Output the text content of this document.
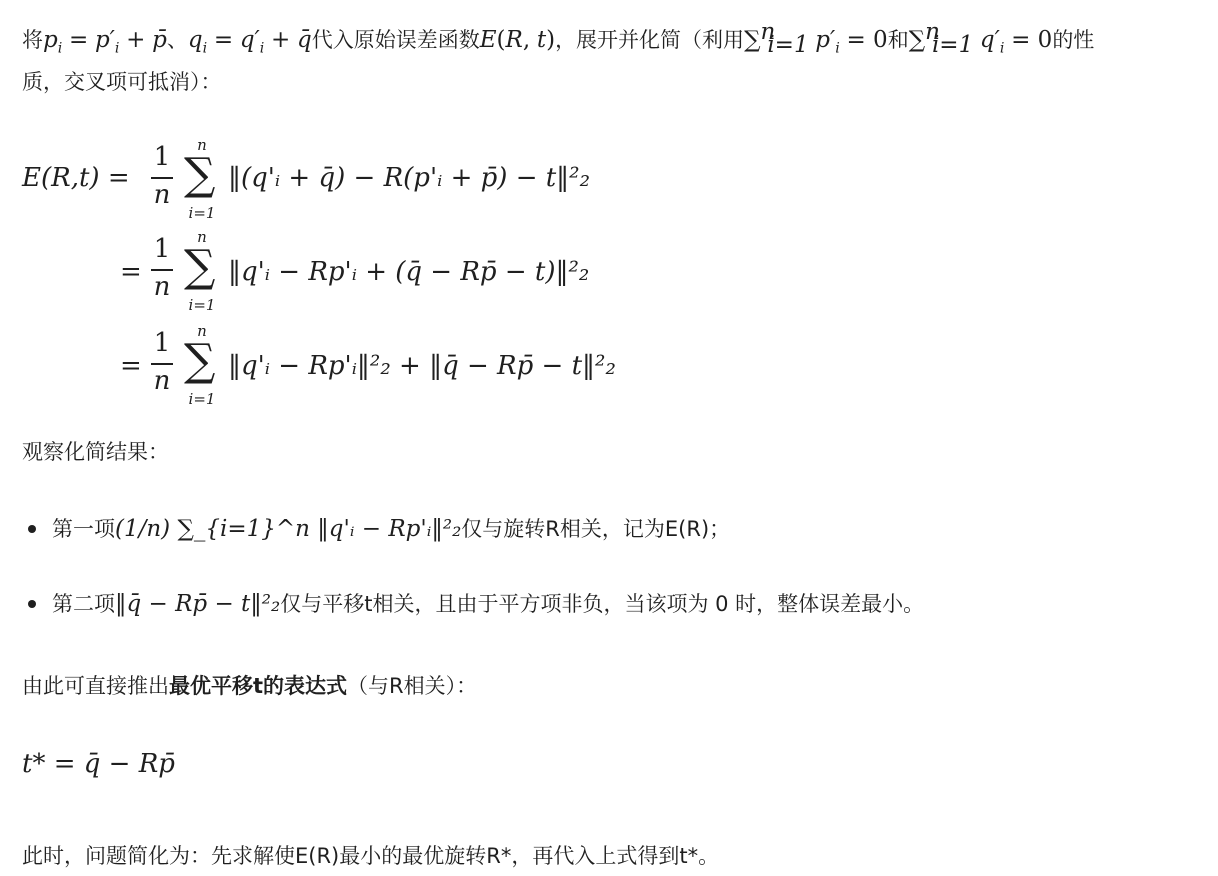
将$p_i = p'_i$ + p̄、$q_i = q'_i$ + q̄代入原始误差函数E(R, t)，展开并化简（利用∑$^n_{i=1}$ $p'_i = 0$和∑$^n_{i=1}$ $q'_i = 0$的性
质，交叉项可抵消）：
E(R,t) =
1
n
n
∑
i=1
‖(q'ᵢ + q̄) − R(p'ᵢ + p̄) − t‖²₂
=
1
n
n
∑
i=1
‖q'ᵢ − Rp'ᵢ + (q̄ − Rp̄ − t)‖²₂
=
1
n
n
∑
i=1
‖q'ᵢ − Rp'ᵢ‖²₂ + ‖q̄ − Rp̄ − t‖²₂
观察化简结果：
第一项(1/n) ∑_{i=1}^n ‖q'ᵢ − Rp'ᵢ‖²₂仅与旋转R相关，记为E(R)；
第二项‖q̄ − Rp̄ − t‖²₂仅与平移t相关，且由于平方项非负，当该项为 0 时，整体误差最小。
由此可直接推出最优平移t的表达式（与R相关）：
t* = q̄ − Rp̄
此时，问题简化为：先求解使E(R)最小的最优旋转R*，再代入上式得到t*。
